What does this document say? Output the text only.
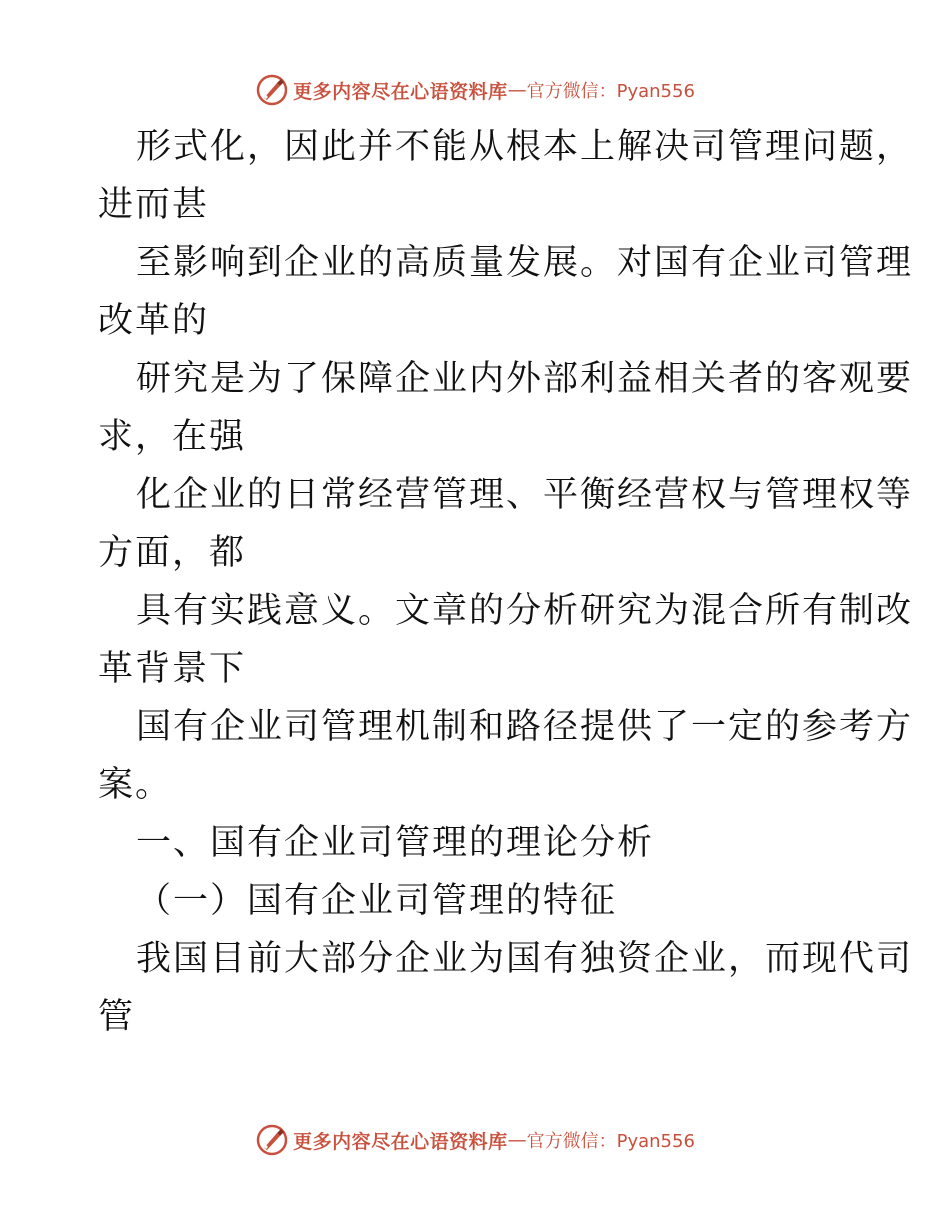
更多内容尽在心语资料库 — 官方微信：Pyan556
形式化，因此并不能从根本上解决司管理问题，
进而甚
至影响到企业的高质量发展。对国有企业司管理
改革的
研究是为了保障企业内外部利益相关者的客观要
求，在强
化企业的日常经营管理、平衡经营权与管理权等
方面，都
具有实践意义。文章的分析研究为混合所有制改
革背景下
国有企业司管理机制和路径提供了一定的参考方
案。
一、国有企业司管理的理论分析
（一）国有企业司管理的特征
我国目前大部分企业为国有独资企业，而现代司
管
更多内容尽在心语资料库 — 官方微信：Pyan556
